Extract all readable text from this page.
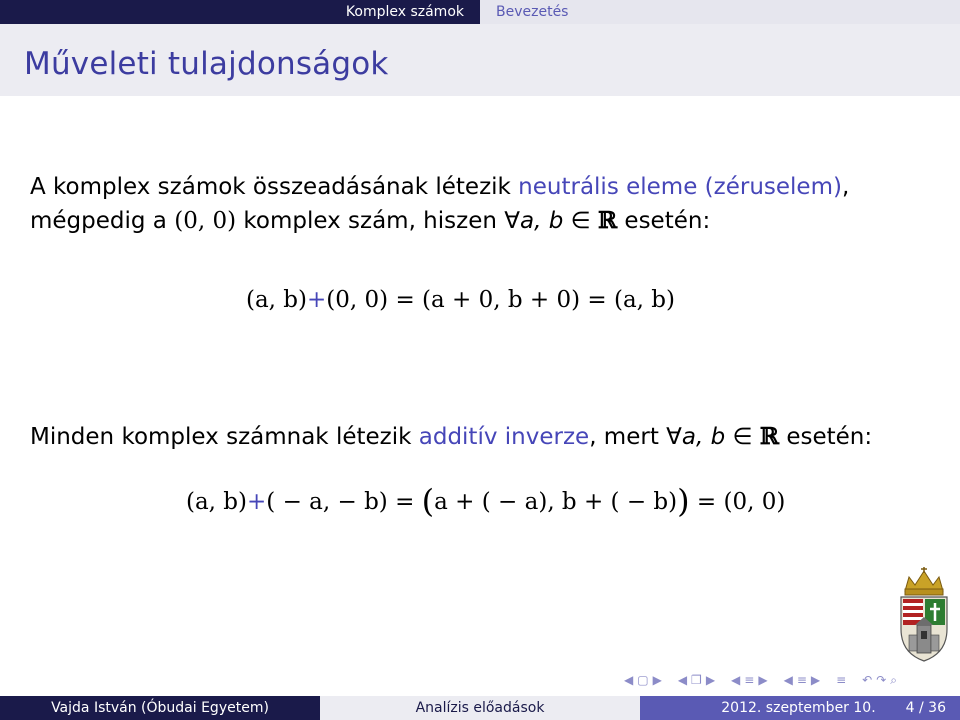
Komplex számok	Bevezetés
Műveleti tulajdonságok

A komplex számok összeadásának létezik neutrális eleme (zéruselem),

mégpedig a (0, 0) komplex szám, hiszen ∀a, b ∈ ℝ esetén:

(a, b)+(0, 0) = (a + 0, b + 0) = (a, b)
Minden komplex számnak létezik additív inverze, mert ∀a, b ∈ ℝ esetén:
(a, b)+( − a, − b) = (a + ( − a), b + ( − b)) = (0, 0)
◀ ▢ ▶ ◀ ❐ ▶ ◀ ≡ ▶ ◀ ≡ ▶ ≡ ↶ ↷ ⌕
Vajda István (Óbudai Egyetem)	Analízis előadások	2012. szeptember 10. 4 / 36
